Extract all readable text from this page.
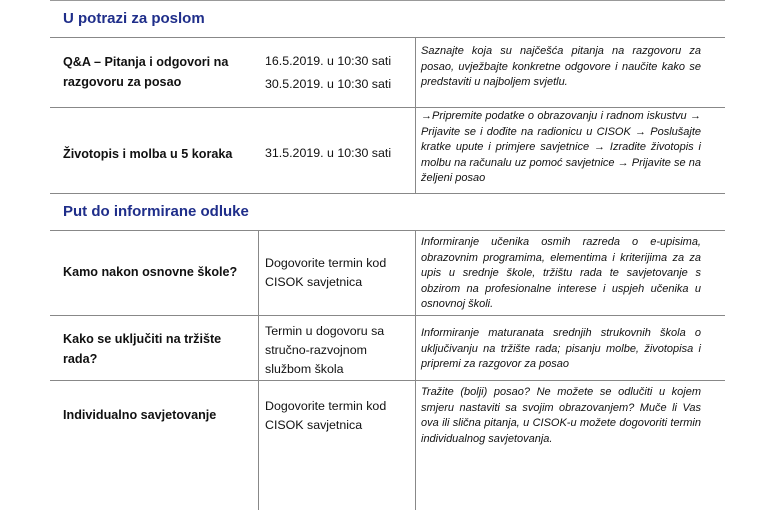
U potrazi za poslom
Q&A – Pitanja i odgovori na razgovoru za posao
16.5.2019. u 10:30 sati
30.5.2019. u 10:30 sati
Saznajte koja su najčešća pitanja na razgovoru za posao, uvježbajte konkretne odgovore i naučite kako se predstaviti u najboljem svjetlu.
Životopis i molba u 5 koraka	31.5.2019. u 10:30 sati
→Pripremite podatke o obrazovanju i radnom iskustvu → Prijavite se i dođite na radionicu u CISOK → Poslušajte kratke upute i primjere savjetnice → Izradite životopis i molbu na računalu uz pomoć savjetnice → Prijavite se na željeni posao
Put do informirane odluke
Kamo nakon osnovne škole?
Dogovorite termin kod CISOK savjetnica
Informiranje učenika osmih razreda o e-upisima, obrazovnim programima, elementima i kriterijima za za upis u srednje škole, tržištu rada te savjetovanje s obzirom na profesionalne interese i uspjeh učenika u osnovnoj školi.
Kako se uključiti na tržište rada?
Termin u dogovoru sa stručno-razvojnom službom škola
Informiranje maturanata srednjih strukovnih škola o uključivanju na tržište rada; pisanju molbe, životopisa i pripremi za razgovor za posao
Individualno savjetovanje
Dogovorite termin kod CISOK savjetnica
Tražite (bolji) posao? Ne možete se odlučiti u kojem smjeru nastaviti sa svojim obrazovanjem? Muče li Vas ova ili slična pitanja, u CISOK-u možete dogovoriti termin individualnog savjetovanja.
